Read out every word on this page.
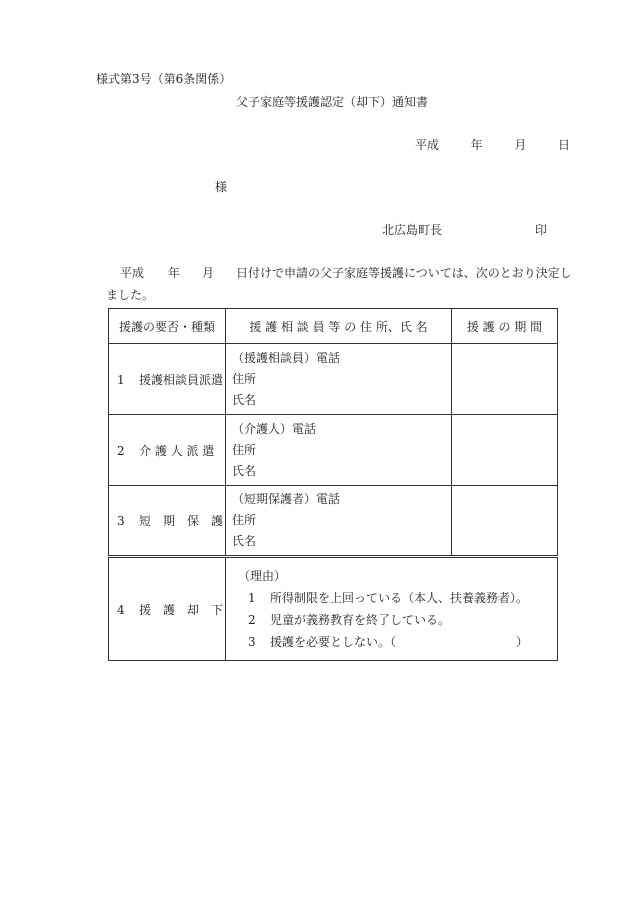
様式第3号（第6条関係）
父子家庭等援護認定（却下）通知書
平成	年	月	日
様
北広島町長	印
平成 年 月 日付けで申請の父子家庭等援護については、次のとおり決定し
ました。
援護の要否・種類	援 護 相 談 員 等 の 住 所、氏 名	援 護 の 期 間
1 援護相談員派遣	（援護相談員）電話
住所
氏名	

2 介 護 人 派 遣	（介護人）電話
住所
氏名	

3 短　期　保　護	（短期保護者）電話
住所
氏名	

4 援　護　却　下	（理由）
1 所得制限を上回っている（本人、扶養義務者）。
2 児童が義務教育を終了している。
3 援護を必要としない。（　　　　　　　　　　）	
